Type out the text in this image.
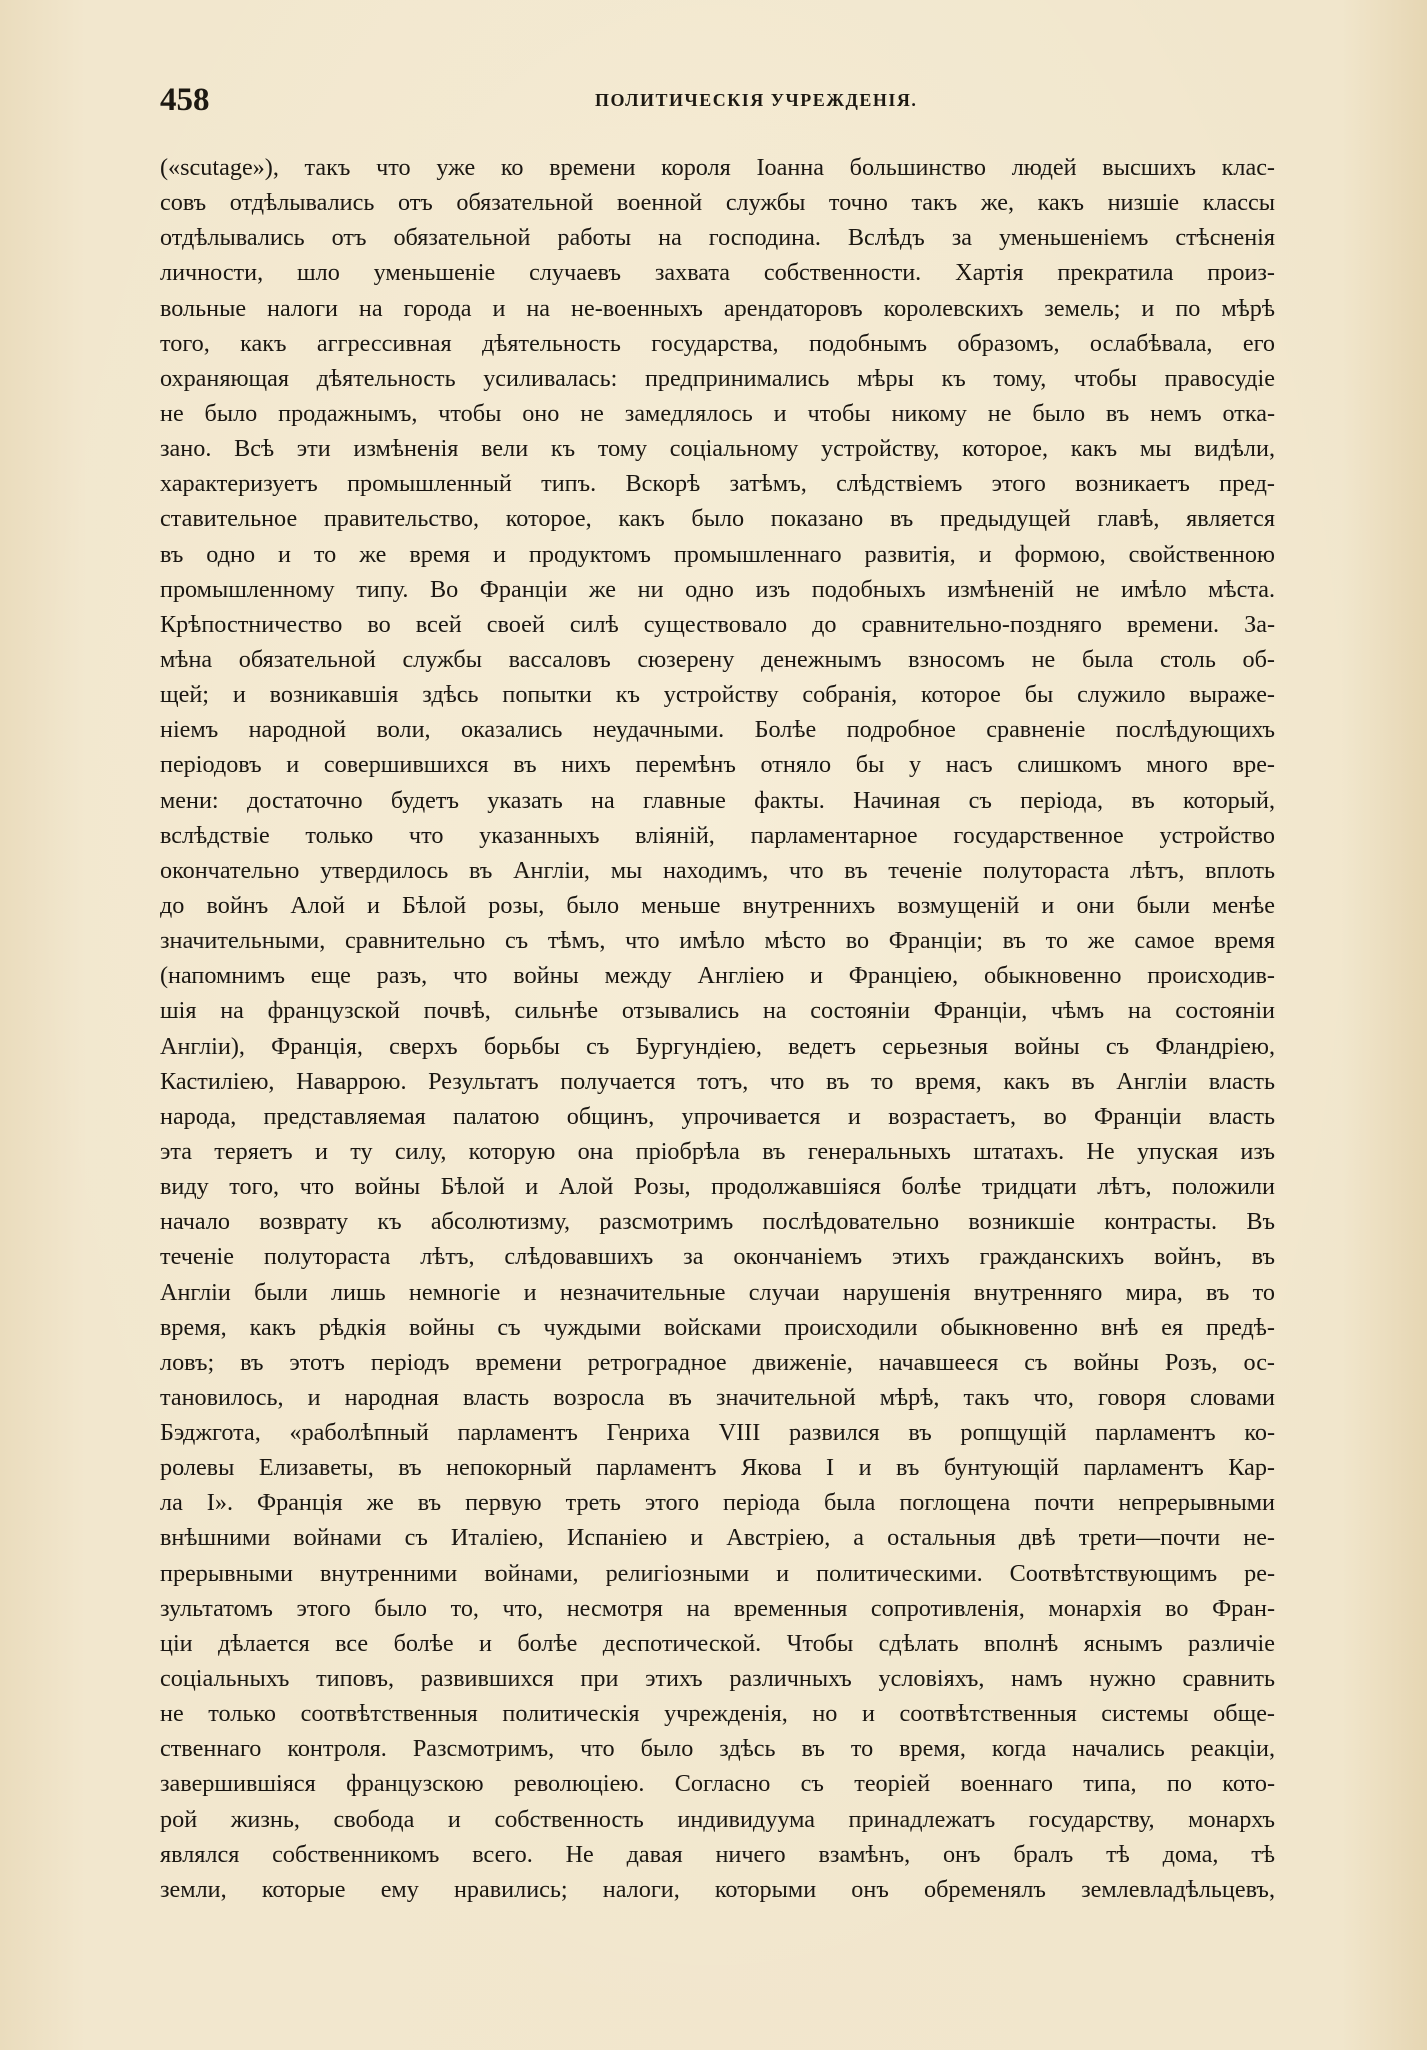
458	ПОЛИТИЧЕСКІЯ УЧРЕЖДЕНІЯ.
(«scutage»), такъ что уже ко времени короля Іоанна большинство людей высшихъ клас-
совъ отдѣлывались отъ обязательной военной службы точно такъ же, какъ низшіе классы
отдѣлывались отъ обязательной работы на господина. Вслѣдъ за уменьшеніемъ стѣсненія
личности, шло уменьшеніе случаевъ захвата собственности. Хартія прекратила произ-
вольные налоги на города и на не-военныхъ арендаторовъ королевскихъ земель; и по мѣрѣ
того, какъ аггрессивная дѣятельность государства, подобнымъ образомъ, ослабѣвала, его
охраняющая дѣятельность усиливалась: предпринимались мѣры къ тому, чтобы правосудіе
не было продажнымъ, чтобы оно не замедлялось и чтобы никому не было въ немъ отка-
зано. Всѣ эти измѣненія вели къ тому соціальному устройству, которое, какъ мы видѣли,
характеризуетъ промышленный типъ. Вскорѣ затѣмъ, слѣдствіемъ этого возникаетъ пред-
ставительное правительство, которое, какъ было показано въ предыдущей главѣ, является
въ одно и то же время и продуктомъ промышленнаго развитія, и формою, свойственною
промышленному типу. Во Франціи же ни одно изъ подобныхъ измѣненій не имѣло мѣста.
Крѣпостничество во всей своей силѣ существовало до сравнительно-поздняго времени. За-
мѣна обязательной службы вассаловъ сюзерену денежнымъ взносомъ не была столь об-
щей; и возникавшія здѣсь попытки къ устройству собранія, которое бы служило выраже-
ніемъ народной воли, оказались неудачными. Болѣе подробное сравненіе послѣдующихъ
періодовъ и совершившихся въ нихъ перемѣнъ отняло бы у насъ слишкомъ много вре-
мени: достаточно будетъ указать на главные факты. Начиная съ періода, въ который,
вслѣдствіе только что указанныхъ вліяній, парламентарное государственное устройство
окончательно утвердилось въ Англіи, мы находимъ, что въ теченіе полутораста лѣтъ, вплоть
до войнъ Алой и Бѣлой розы, было меньше внутреннихъ возмущеній и они были менѣе
значительными, сравнительно съ тѣмъ, что имѣло мѣсто во Франціи; въ то же самое время
(напомнимъ еще разъ, что войны между Англіею и Франціею, обыкновенно происходив-
шія на французской почвѣ, сильнѣе отзывались на состояніи Франціи, чѣмъ на состояніи
Англіи), Франція, сверхъ борьбы съ Бургундіею, ведетъ серьезныя войны съ Фландріею,
Кастиліею, Наваррою. Результатъ получается тотъ, что въ то время, какъ въ Англіи власть
народа, представляемая палатою общинъ, упрочивается и возрастаетъ, во Франціи власть
эта теряетъ и ту силу, которую она пріобрѣла въ генеральныхъ штатахъ. Не упуская изъ
виду того, что войны Бѣлой и Алой Розы, продолжавшіяся болѣе тридцати лѣтъ, положили
начало возврату къ абсолютизму, разсмотримъ послѣдовательно возникшіе контрасты. Въ
теченіе полутораста лѣтъ, слѣдовавшихъ за окончаніемъ этихъ гражданскихъ войнъ, въ
Англіи были лишь немногіе и незначительные случаи нарушенія внутренняго мира, въ то
время, какъ рѣдкія войны съ чуждыми войсками происходили обыкновенно внѣ ея предѣ-
ловъ; въ этотъ періодъ времени ретроградное движеніе, начавшееся съ войны Розъ, ос-
тановилось, и народная власть возросла въ значительной мѣрѣ, такъ что, говоря словами
Бэджгота, «раболѣпный парламентъ Генриха VIII развился въ ропщущій парламентъ ко-
ролевы Елизаветы, въ непокорный парламентъ Якова I и въ бунтующій парламентъ Кар-
ла I». Франція же въ первую треть этого періода была поглощена почти непрерывными
внѣшними войнами съ Италіею, Испаніею и Австріею, а остальныя двѣ трети—почти не-
прерывными внутренними войнами, религіозными и политическими. Соотвѣтствующимъ ре-
зультатомъ этого было то, что, несмотря на временныя сопротивленія, монархія во Фран-
ціи дѣлается все болѣе и болѣе деспотической. Чтобы сдѣлать вполнѣ яснымъ различіе
соціальныхъ типовъ, развившихся при этихъ различныхъ условіяхъ, намъ нужно сравнить
не только соотвѣтственныя политическія учрежденія, но и соотвѣтственныя системы обще-
ственнаго контроля. Разсмотримъ, что было здѣсь въ то время, когда начались реакціи,
завершившіяся французскою революціею. Согласно съ теоріей военнаго типа, по кото-
рой жизнь, свобода и собственность индивидуума принадлежатъ государству, монархъ
являлся собственникомъ всего. Не давая ничего взамѣнъ, онъ бралъ тѣ дома, тѣ
земли, которые ему нравились; налоги, которыми онъ обременялъ землевладѣльцевъ,
